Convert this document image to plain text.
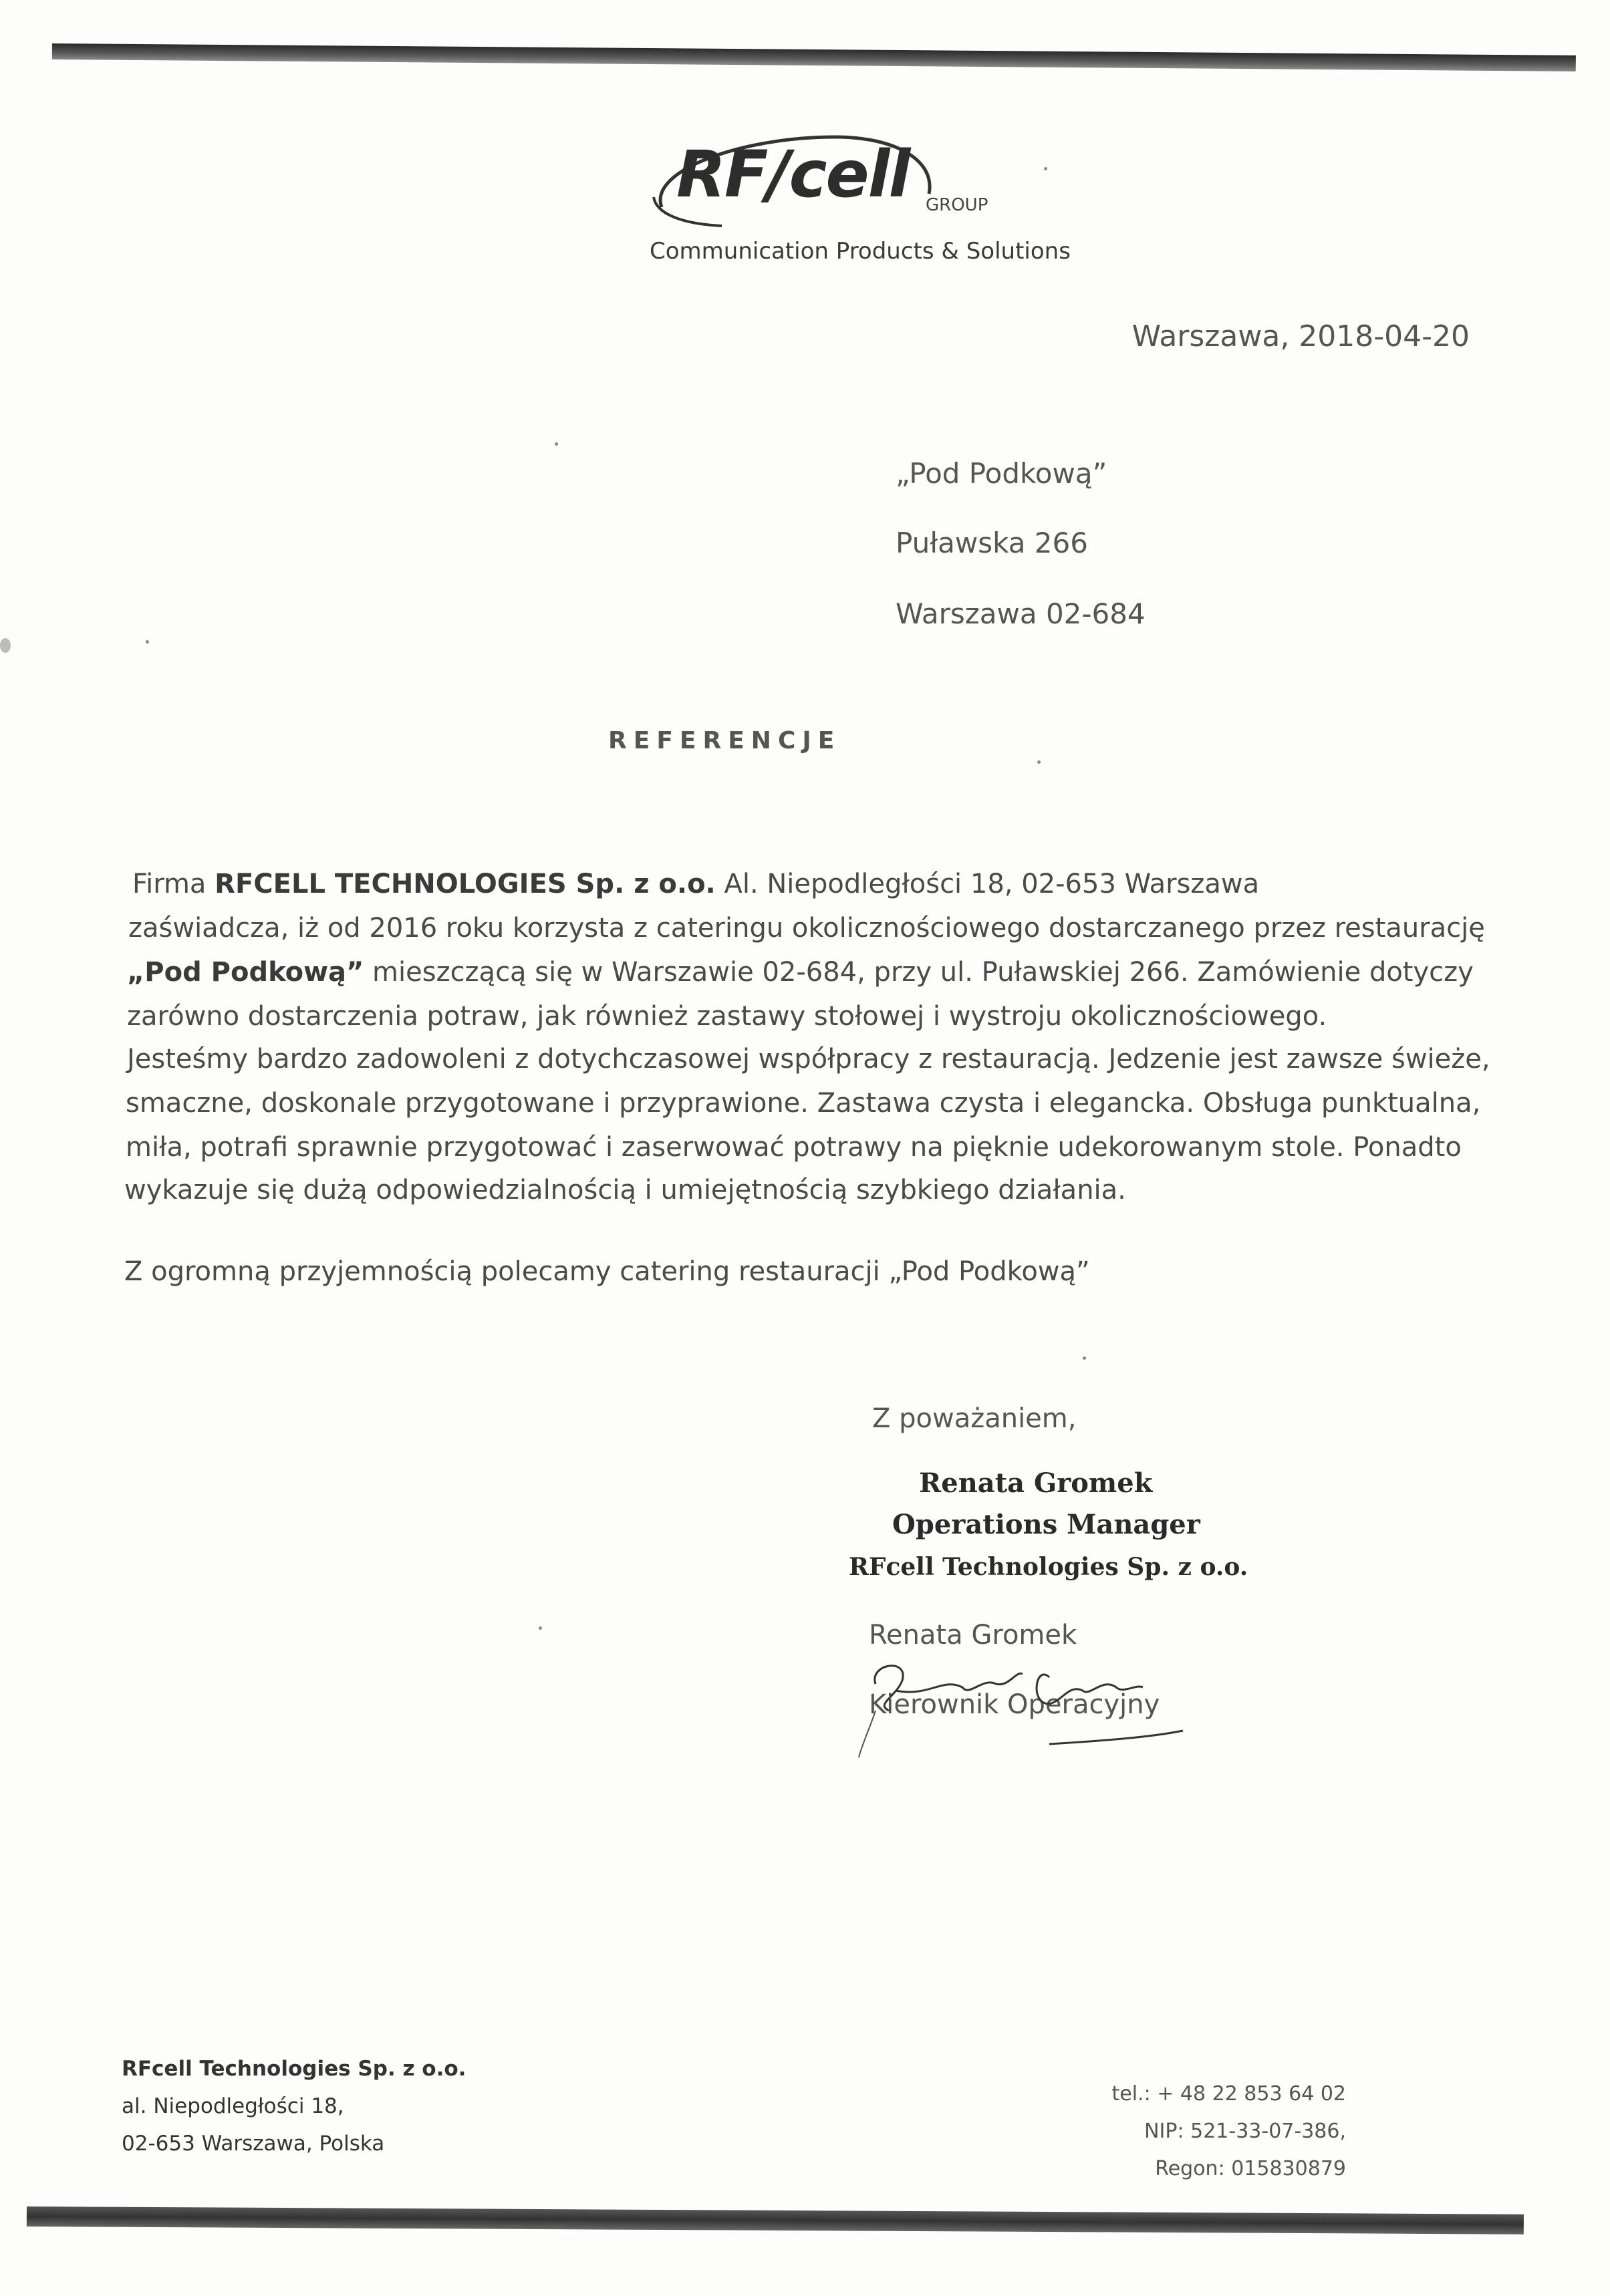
RF/cell GROUP
Communication Products & Solutions
Warszawa, 2018-04-20
„Pod Podkową”
Puławska 266
Warszawa 02-684
REFERENCJE
Firma RFCELL TECHNOLOGIES Sp. z o.o. Al. Niepodległości 18, 02-653 Warszawa
zaświadcza, iż od 2016 roku korzysta z cateringu okolicznościowego dostarczanego przez restaurację
„Pod Podkową” mieszczącą się w Warszawie 02-684, przy ul. Puławskiej 266. Zamówienie dotyczy
zarówno dostarczenia potraw, jak również zastawy stołowej i wystroju okolicznościowego.
Jesteśmy bardzo zadowoleni z dotychczasowej współpracy z restauracją. Jedzenie jest zawsze świeże,
smaczne, doskonale przygotowane i przyprawione. Zastawa czysta i elegancka. Obsługa punktualna,
miła, potrafi sprawnie przygotować i zaserwować potrawy na pięknie udekorowanym stole. Ponadto
wykazuje się dużą odpowiedzialnością i umiejętnością szybkiego działania.
Z ogromną przyjemnością polecamy catering restauracji „Pod Podkową”
Z poważaniem,
Renata Gromek
Operations Manager
RFcell Technologies Sp. z o.o.
Renata Gromek
Kierownik Operacyjny
RFcell Technologies Sp. z o.o.
al. Niepodległości 18,
02-653 Warszawa, Polska
tel.: + 48 22 853 64 02
NIP: 521-33-07-386,
Regon: 015830879
